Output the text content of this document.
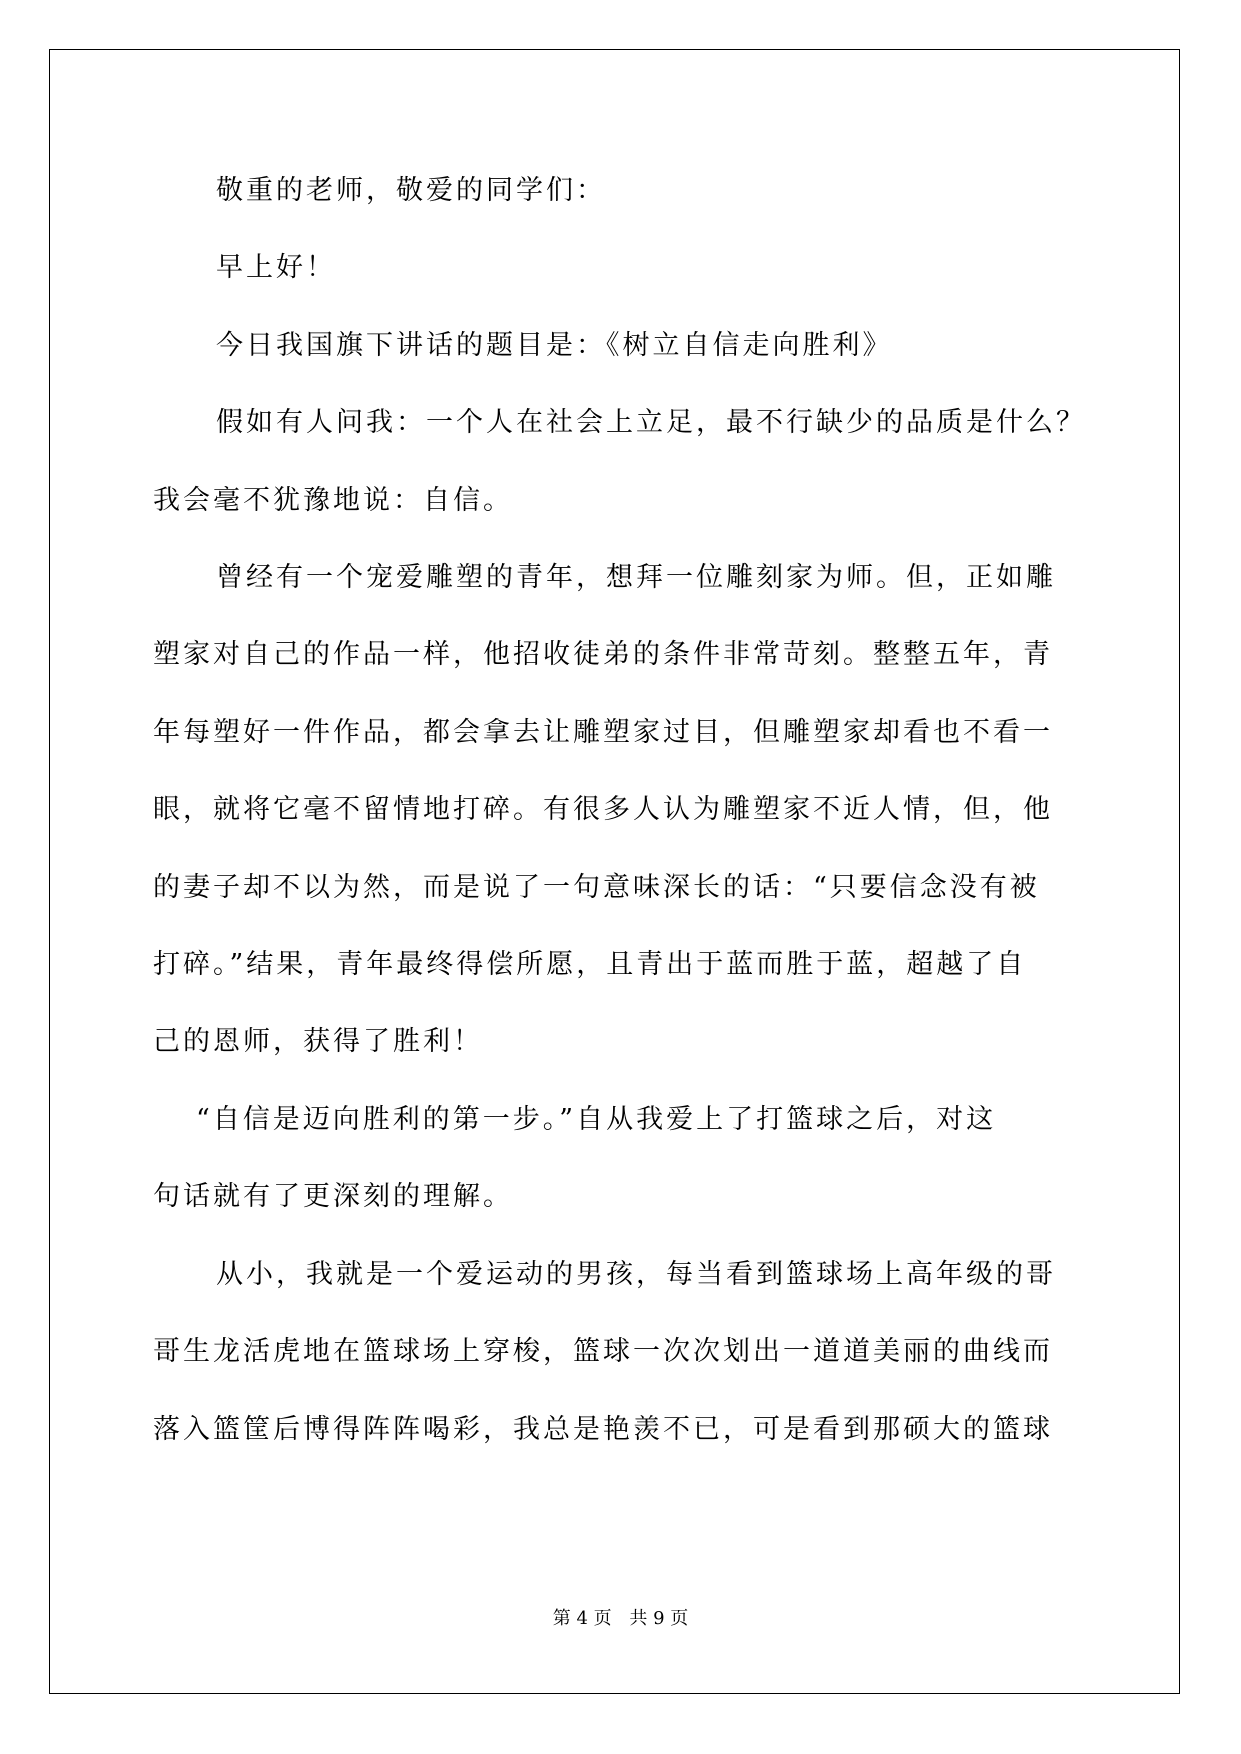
敬重的老师，敬爱的同学们：

早上好！

今日我国旗下讲话的题目是：《树立自信走向胜利》

假如有人问我：一个人在社会上立足，最不行缺少的品质是什么？
我会毫不犹豫地说：自信。

曾经有一个宠爱雕塑的青年，想拜一位雕刻家为师。但，正如雕
塑家对自己的作品一样，他招收徒弟的条件非常苛刻。整整五年，青
年每塑好一件作品，都会拿去让雕塑家过目，但雕塑家却看也不看一
眼，就将它毫不留情地打碎。有很多人认为雕塑家不近人情，但，他
的妻子却不以为然，而是说了一句意味深长的话：“只要信念没有被
打碎。”结果，青年最终得偿所愿，且青出于蓝而胜于蓝，超越了自
己的恩师，获得了胜利！

“自信是迈向胜利的第一步。”自从我爱上了打篮球之后，对这
句话就有了更深刻的理解。

从小，我就是一个爱运动的男孩，每当看到篮球场上高年级的哥
哥生龙活虎地在篮球场上穿梭，篮球一次次划出一道道美丽的曲线而
落入篮筐后博得阵阵喝彩，我总是艳羡不已，可是看到那硕大的篮球

第 4 页 共 9 页
